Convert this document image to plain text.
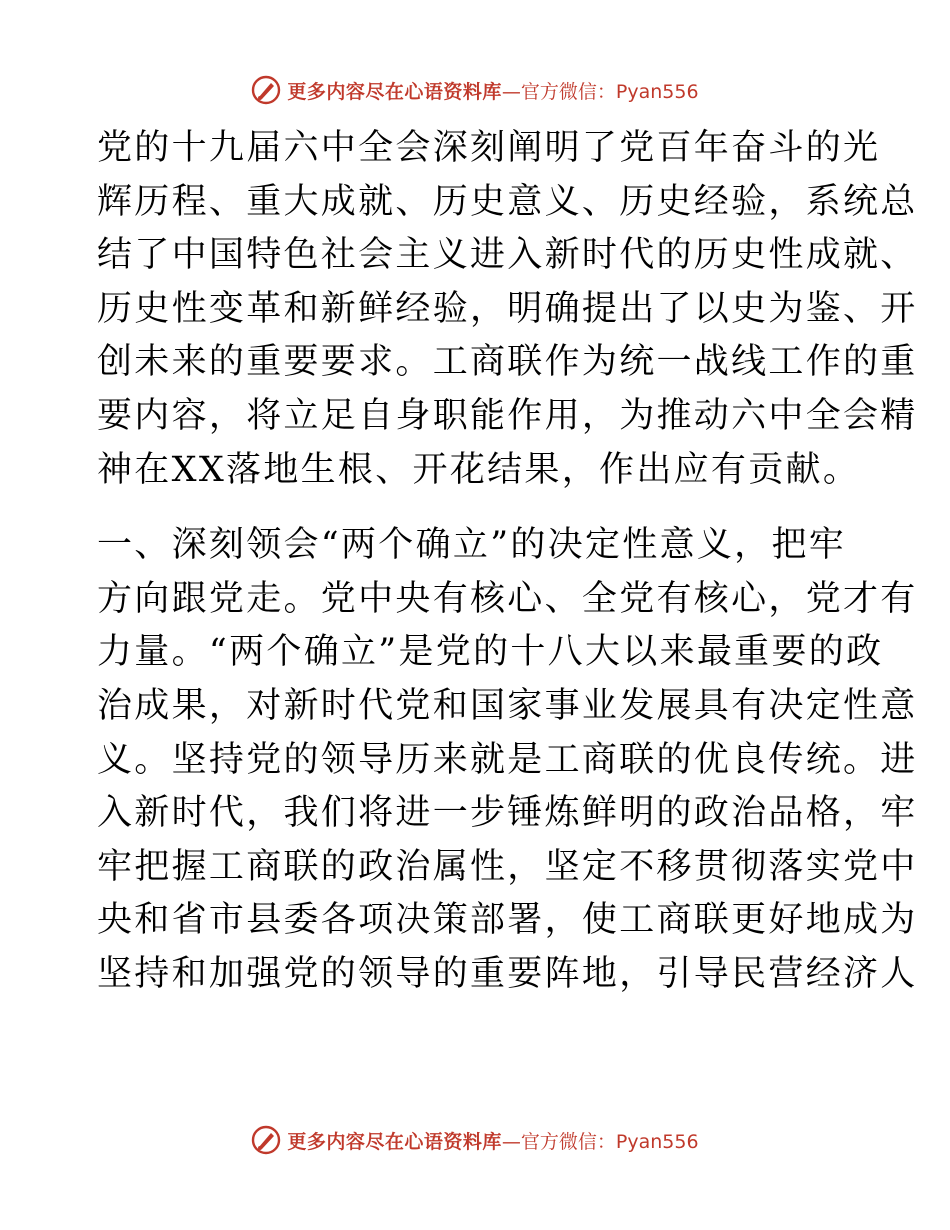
更多内容尽在心语资料库 —官方微信：Pyan556
党的十九届六中全会深刻阐明了党百年奋斗的光
辉历程、重大成就、历史意义、历史经验，系统总
结了中国特色社会主义进入新时代的历史性成就、
历史性变革和新鲜经验，明确提出了以史为鉴、开
创未来的重要要求。工商联作为统一战线工作的重
要内容，将立足自身职能作用，为推动六中全会精
神在XX落地生根、开花结果，作出应有贡献。
一、深刻领会“两个确立”的决定性意义，把牢
方向跟党走。党中央有核心、全党有核心，党才有
力量。“两个确立”是党的十八大以来最重要的政
治成果，对新时代党和国家事业发展具有决定性意
义。坚持党的领导历来就是工商联的优良传统。进
入新时代，我们将进一步锤炼鲜明的政治品格，牢
牢把握工商联的政治属性，坚定不移贯彻落实党中
央和省市县委各项决策部署，使工商联更好地成为
坚持和加强党的领导的重要阵地，引导民营经济人
更多内容尽在心语资料库 —官方微信：Pyan556
